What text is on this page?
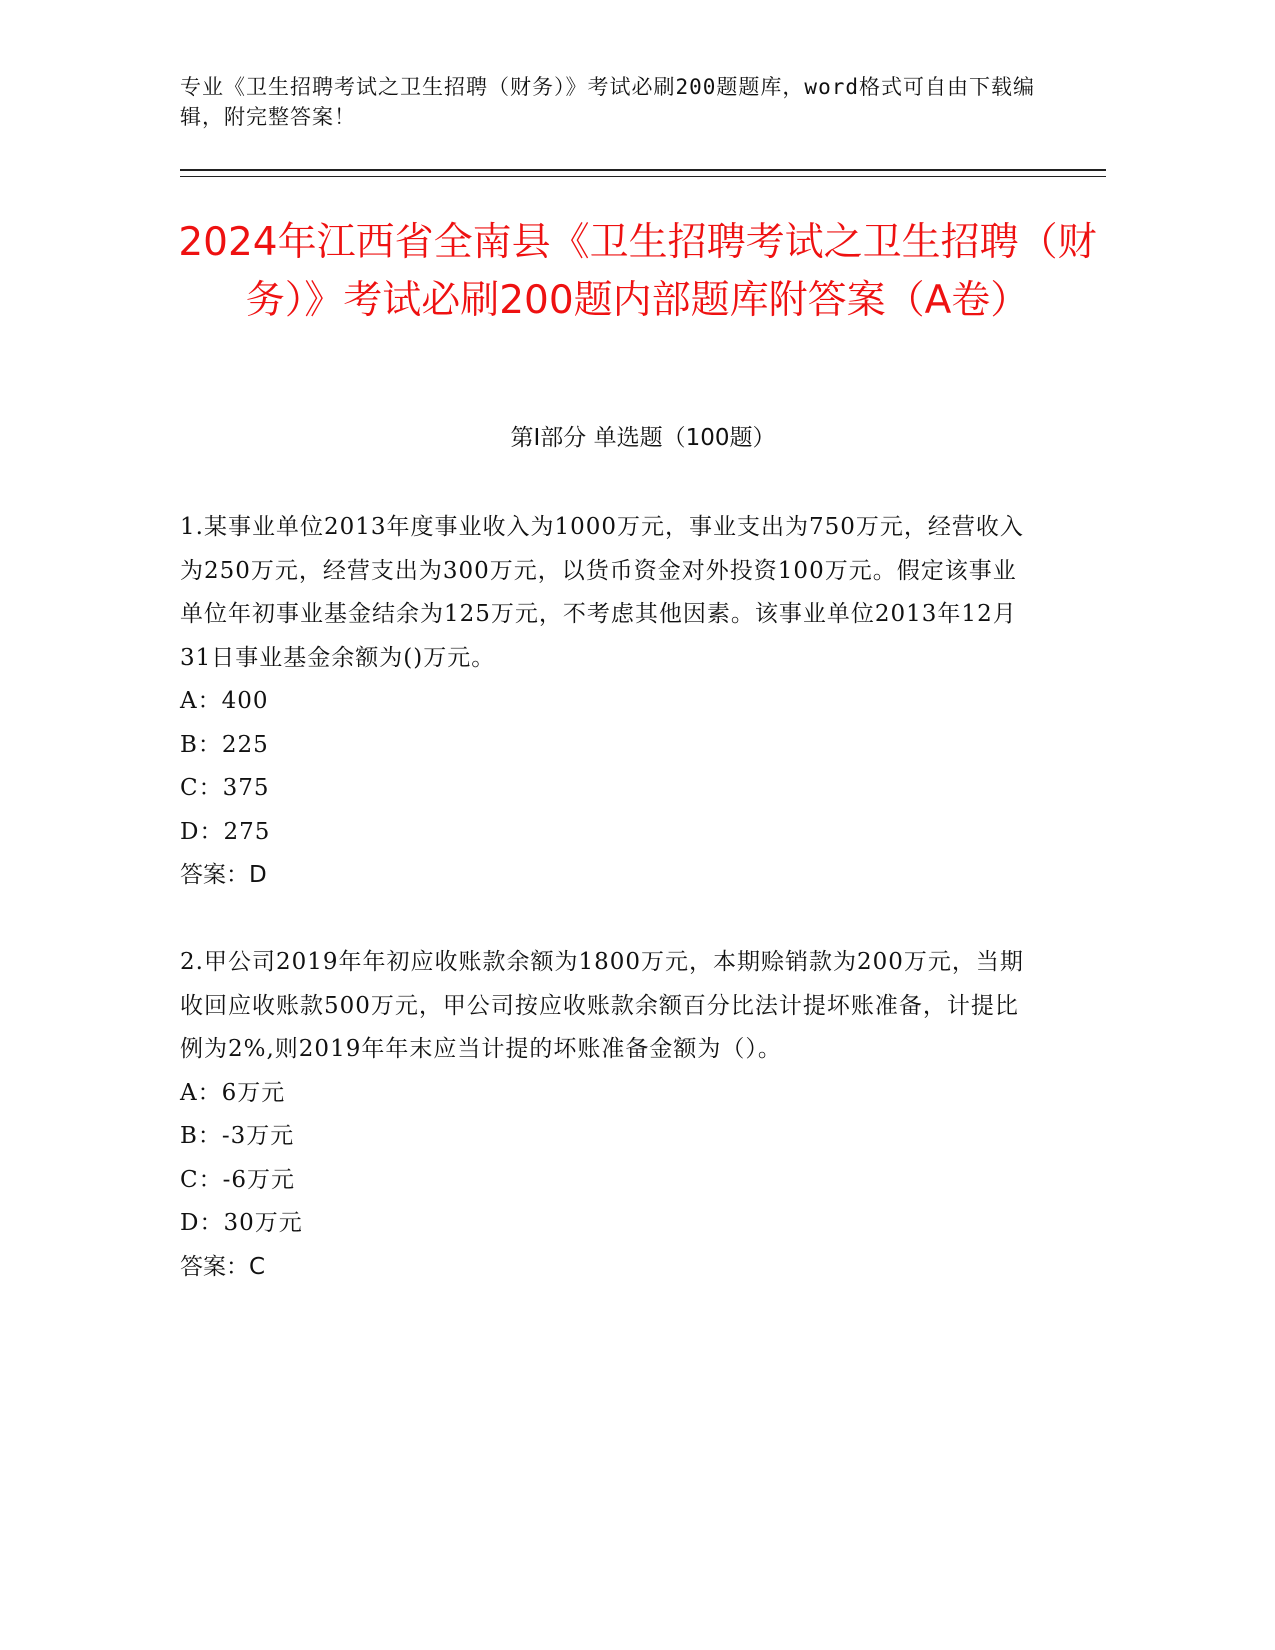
专业《卫生招聘考试之卫生招聘（财务）》考试必刷200题题库，word格式可自由下载编辑，附完整答案！
2024年江西省全南县《卫生招聘考试之卫生招聘（财务）》考试必刷200题内部题库附答案（A卷）
第Ⅰ部分 单选题（100题）
1.某事业单位2013年度事业收入为1000万元，事业支出为750万元，经营收入为250万元，经营支出为300万元，以货币资金对外投资100万元。假定该事业单位年初事业基金结余为125万元，不考虑其他因素。该事业单位2013年12月31日事业基金余额为()万元。
A：400
B：225
C：375
D：275
答案：D
2.甲公司2019年年初应收账款余额为1800万元，本期赊销款为200万元，当期收回应收账款500万元，甲公司按应收账款余额百分比法计提坏账准备，计提比例为2%,则2019年年末应当计提的坏账准备金额为（）。
A：6万元
B：-3万元
C：-6万元
D：30万元
答案：C
